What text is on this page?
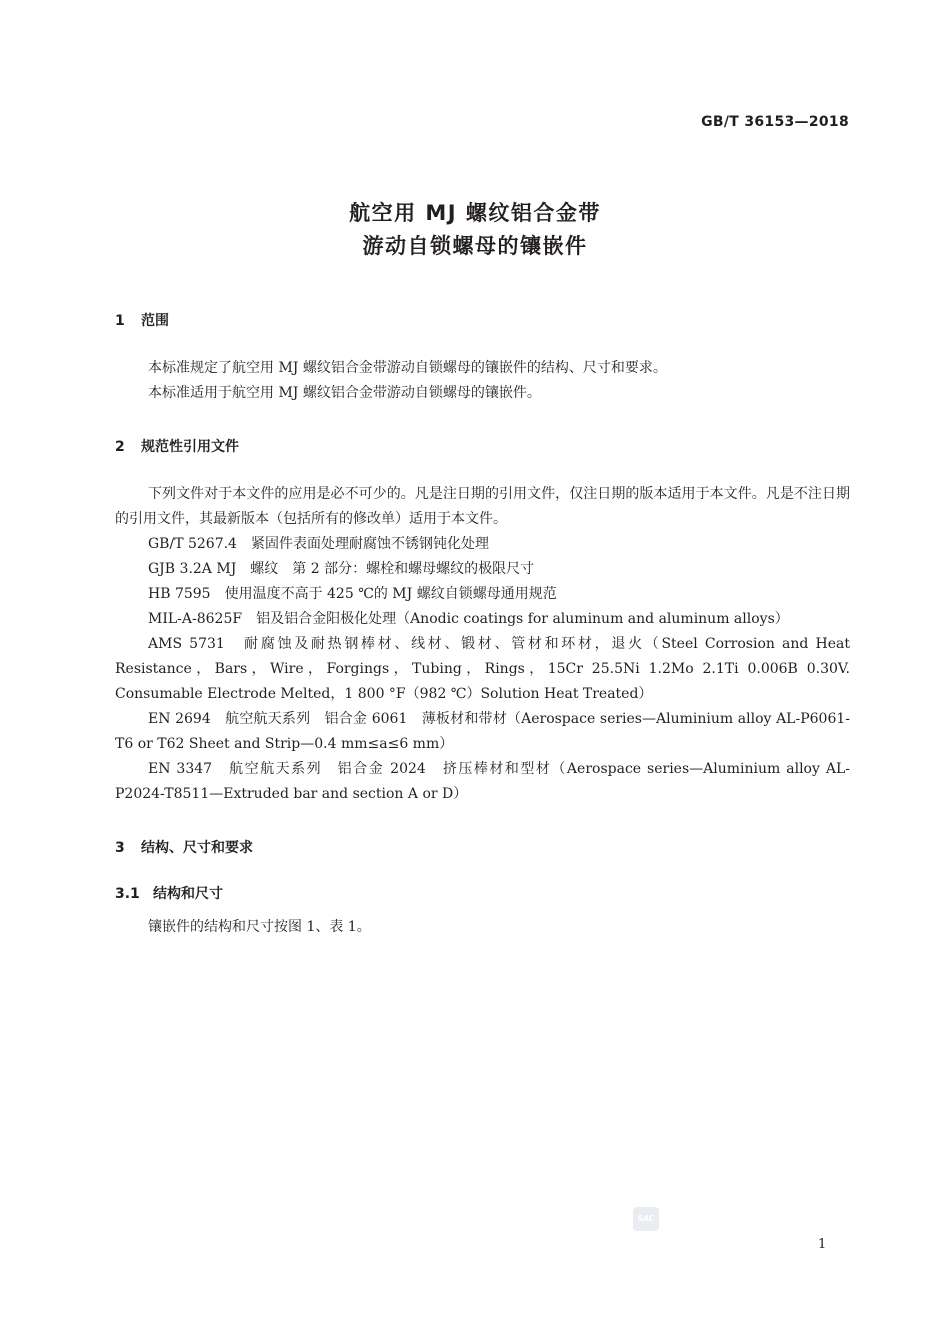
GB/T 36153—2018
航空用 MJ 螺纹铝合金带
游动自锁螺母的镶嵌件
1 范围
本标准规定了航空用 MJ 螺纹铝合金带游动自锁螺母的镶嵌件的结构、尺寸和要求。
本标准适用于航空用 MJ 螺纹铝合金带游动自锁螺母的镶嵌件。
2 规范性引用文件
下列文件对于本文件的应用是必不可少的。凡是注日期的引用文件，仅注日期的版本适用于本文件。凡是不注日期的引用文件，其最新版本（包括所有的修改单）适用于本文件。
GB/T 5267.4　紧固件表面处理耐腐蚀不锈钢钝化处理
GJB 3.2A MJ　螺纹　第 2 部分：螺栓和螺母螺纹的极限尺寸
HB 7595　使用温度不高于 425 ℃的 MJ 螺纹自锁螺母通用规范
MIL-A-8625F　铝及铝合金阳极化处理（Anodic coatings for aluminum and aluminum alloys）
AMS 5731　耐腐蚀及耐热钢棒材、线材、锻材、管材和环材，退火（Steel Corrosion and Heat Resistance，Bars，Wire，Forgings，Tubing，Rings，15Cr 25.5Ni 1.2Mo 2.1Ti 0.006B 0.30V. Consumable Electrode Melted，1 800 °F（982 ℃）Solution Heat Treated）
EN 2694　航空航天系列　铝合金 6061　薄板材和带材（Aerospace series—Aluminium alloy AL-P6061-T6 or T62 Sheet and Strip—0.4 mm≤a≤6 mm）
EN 3347　航空航天系列　铝合金 2024　挤压棒材和型材（Aerospace series—Aluminium alloy AL-P2024-T8511—Extruded bar and section A or D）
3 结构、尺寸和要求
3.1 结构和尺寸
镶嵌件的结构和尺寸按图 1、表 1。
SAC
1
